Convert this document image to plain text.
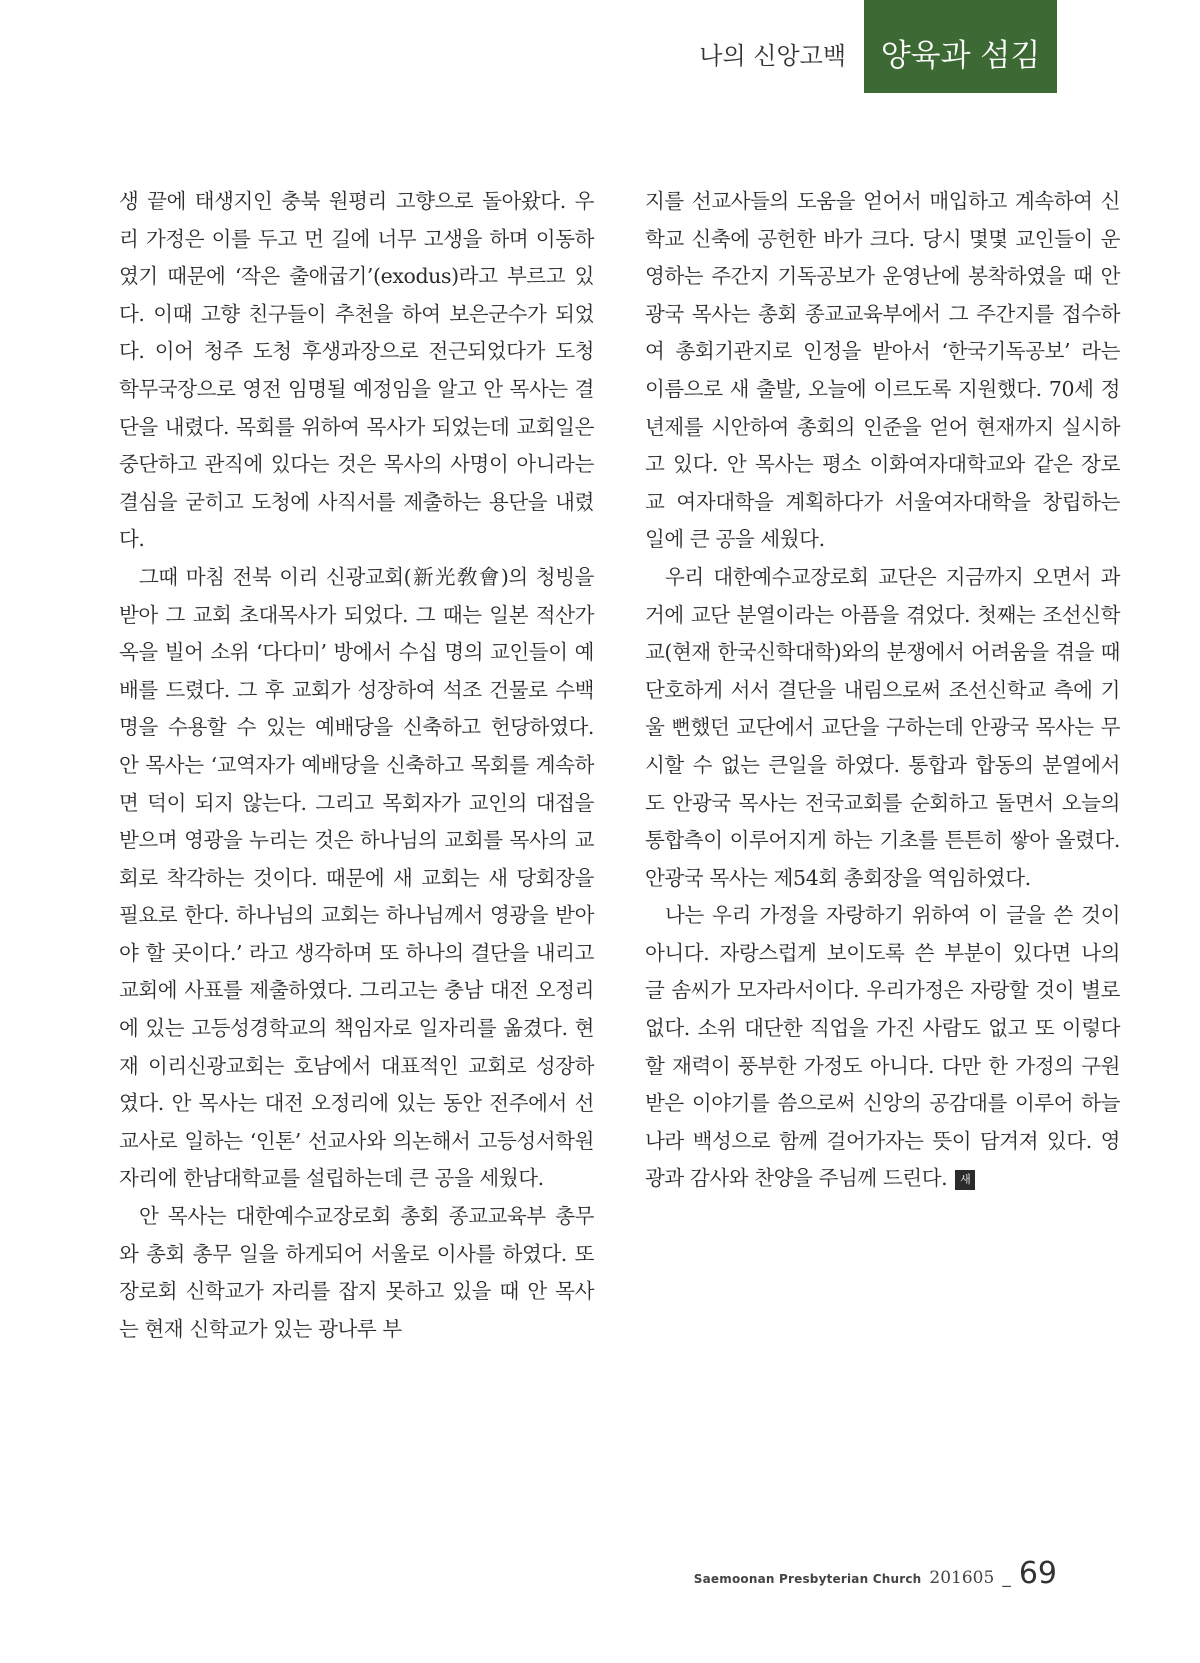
나의 신앙고백 양육과 섬김

생 끝에 태생지인 충북 원평리 고향으로 돌아왔다. 우리 가정은 이를 두고 먼 길에 너무 고생을 하며 이동하였기 때문에 ‘작은 출애굽기’(exodus)라고 부르고 있다. 이때 고향 친구들이 추천을 하여 보은군수가 되었다. 이어 청주 도청 후생과장으로 전근되었다가 도청 학무국장으로 영전 임명될 예정임을 알고 안 목사는 결단을 내렸다. 목회를 위하여 목사가 되었는데 교회일은 중단하고 관직에 있다는 것은 목사의 사명이 아니라는 결심을 굳히고 도청에 사직서를 제출하는 용단을 내렸다.

그때 마침 전북 이리 신광교회(新光敎會)의 청빙을 받아 그 교회 초대목사가 되었다. 그 때는 일본 적산가옥을 빌어 소위 ‘다다미’ 방에서 수십 명의 교인들이 예배를 드렸다. 그 후 교회가 성장하여 석조 건물로 수백 명을 수용할 수 있는 예배당을 신축하고 헌당하였다. 안 목사는 ‘교역자가 예배당을 신축하고 목회를 계속하면 덕이 되지 않는다. 그리고 목회자가 교인의 대접을 받으며 영광을 누리는 것은 하나님의 교회를 목사의 교회로 착각하는 것이다. 때문에 새 교회는 새 당회장을 필요로 한다. 하나님의 교회는 하나님께서 영광을 받아야 할 곳이다.’ 라고 생각하며 또 하나의 결단을 내리고 교회에 사표를 제출하였다. 그리고는 충남 대전 오정리에 있는 고등성경학교의 책임자로 일자리를 옮겼다. 현재 이리신광교회는 호남에서 대표적인 교회로 성장하였다. 안 목사는 대전 오정리에 있는 동안 전주에서 선교사로 일하는 ‘인톤’ 선교사와 의논해서 고등성서학원 자리에 한남대학교를 설립하는데 큰 공을 세웠다.

안 목사는 대한예수교장로회 총회 종교교육부 총무와 총회 총무 일을 하게되어 서울로 이사를 하였다. 또 장로회 신학교가 자리를 잡지 못하고 있을 때 안 목사는 현재 신학교가 있는 광나루 부

지를 선교사들의 도움을 얻어서 매입하고 계속하여 신학교 신축에 공헌한 바가 크다. 당시 몇몇 교인들이 운영하는 주간지 기독공보가 운영난에 봉착하였을 때 안광국 목사는 총회 종교교육부에서 그 주간지를 접수하여 총회기관지로 인정을 받아서 ‘한국기독공보’ 라는 이름으로 새 출발, 오늘에 이르도록 지원했다. 70세 정년제를 시안하여 총회의 인준을 얻어 현재까지 실시하고 있다. 안 목사는 평소 이화여자대학교와 같은 장로교 여자대학을 계획하다가 서울여자대학을 창립하는 일에 큰 공을 세웠다.

우리 대한예수교장로회 교단은 지금까지 오면서 과거에 교단 분열이라는 아픔을 겪었다. 첫째는 조선신학교(현재 한국신학대학)와의 분쟁에서 어려움을 겪을 때 단호하게 서서 결단을 내림으로써 조선신학교 측에 기울 뻔했던 교단에서 교단을 구하는데 안광국 목사는 무시할 수 없는 큰일을 하였다. 통합과 합동의 분열에서도 안광국 목사는 전국교회를 순회하고 돌면서 오늘의 통합측이 이루어지게 하는 기초를 튼튼히 쌓아 올렸다. 안광국 목사는 제54회 총회장을 역임하였다.

나는 우리 가정을 자랑하기 위하여 이 글을 쓴 것이 아니다. 자랑스럽게 보이도록 쓴 부분이 있다면 나의 글 솜씨가 모자라서이다. 우리가정은 자랑할 것이 별로 없다. 소위 대단한 직업을 가진 사람도 없고 또 이렇다 할 재력이 풍부한 가정도 아니다. 다만 한 가정의 구원받은 이야기를 씀으로써 신앙의 공감대를 이루어 하늘나라 백성으로 함께 걸어가자는 뜻이 담겨져 있다. 영광과 감사와 찬양을 주님께 드린다. 새

Saemoonan Presbyterian Church 201605 _ 69
